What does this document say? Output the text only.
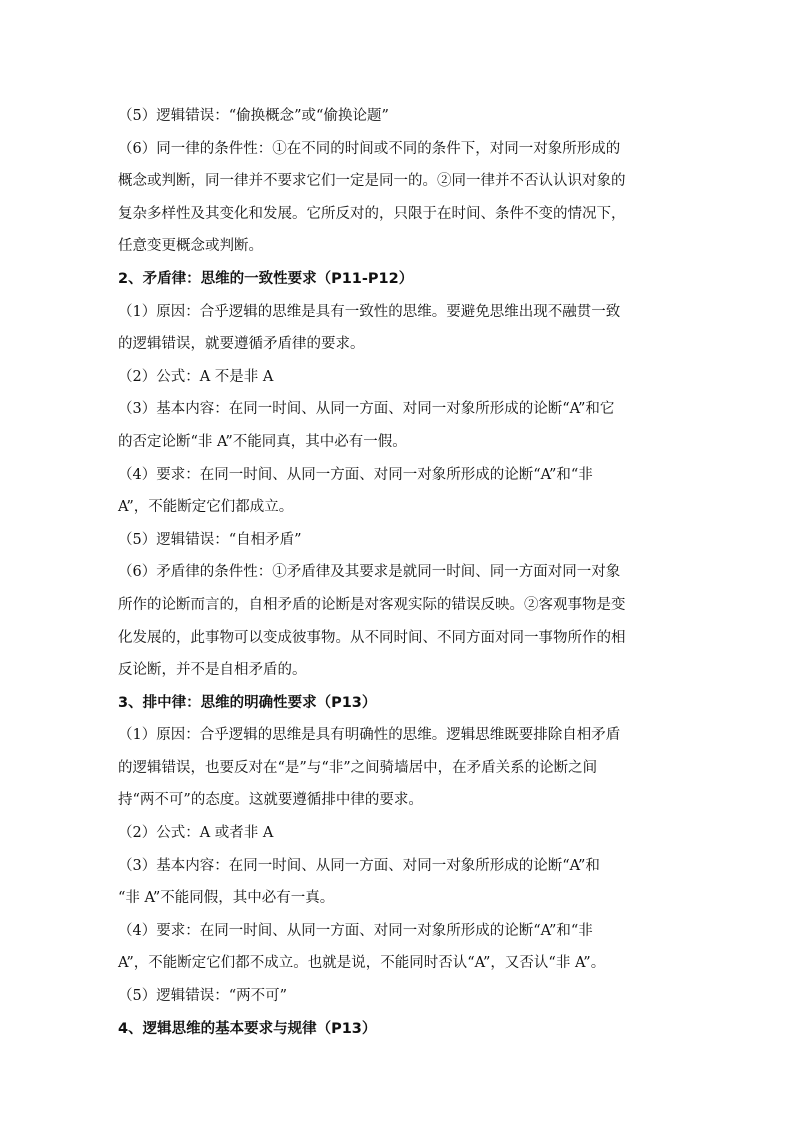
（5）逻辑错误：“偷换概念”或“偷换论题”
（6）同一律的条件性：①在不同的时间或不同的条件下，对同一对象所形成的
概念或判断，同一律并不要求它们一定是同一的。②同一律并不否认认识对象的
复杂多样性及其变化和发展。它所反对的，只限于在时间、条件不变的情况下，
任意变更概念或判断。
2、矛盾律：思维的一致性要求（P11-P12）
（1）原因：合乎逻辑的思维是具有一致性的思维。要避免思维出现不融贯一致
的逻辑错误，就要遵循矛盾律的要求。
（2）公式：A 不是非 A
（3）基本内容：在同一时间、从同一方面、对同一对象所形成的论断“A”和它
的否定论断“非 A”不能同真，其中必有一假。
（4）要求：在同一时间、从同一方面、对同一对象所形成的论断“A”和“非
A”，不能断定它们都成立。
（5）逻辑错误：“自相矛盾”
（6）矛盾律的条件性：①矛盾律及其要求是就同一时间、同一方面对同一对象
所作的论断而言的，自相矛盾的论断是对客观实际的错误反映。②客观事物是变
化发展的，此事物可以变成彼事物。从不同时间、不同方面对同一事物所作的相
反论断，并不是自相矛盾的。
3、排中律：思维的明确性要求（P13）
（1）原因：合乎逻辑的思维是具有明确性的思维。逻辑思维既要排除自相矛盾
的逻辑错误，也要反对在“是”与“非”之间骑墙居中，在矛盾关系的论断之间
持“两不可”的态度。这就要遵循排中律的要求。
（2）公式：A 或者非 A
（3）基本内容：在同一时间、从同一方面、对同一对象所形成的论断“A”和
“非 A”不能同假，其中必有一真。
（4）要求：在同一时间、从同一方面、对同一对象所形成的论断“A”和“非
A”，不能断定它们都不成立。也就是说，不能同时否认“A”，又否认“非 A”。
（5）逻辑错误：“两不可”
4、逻辑思维的基本要求与规律（P13）
